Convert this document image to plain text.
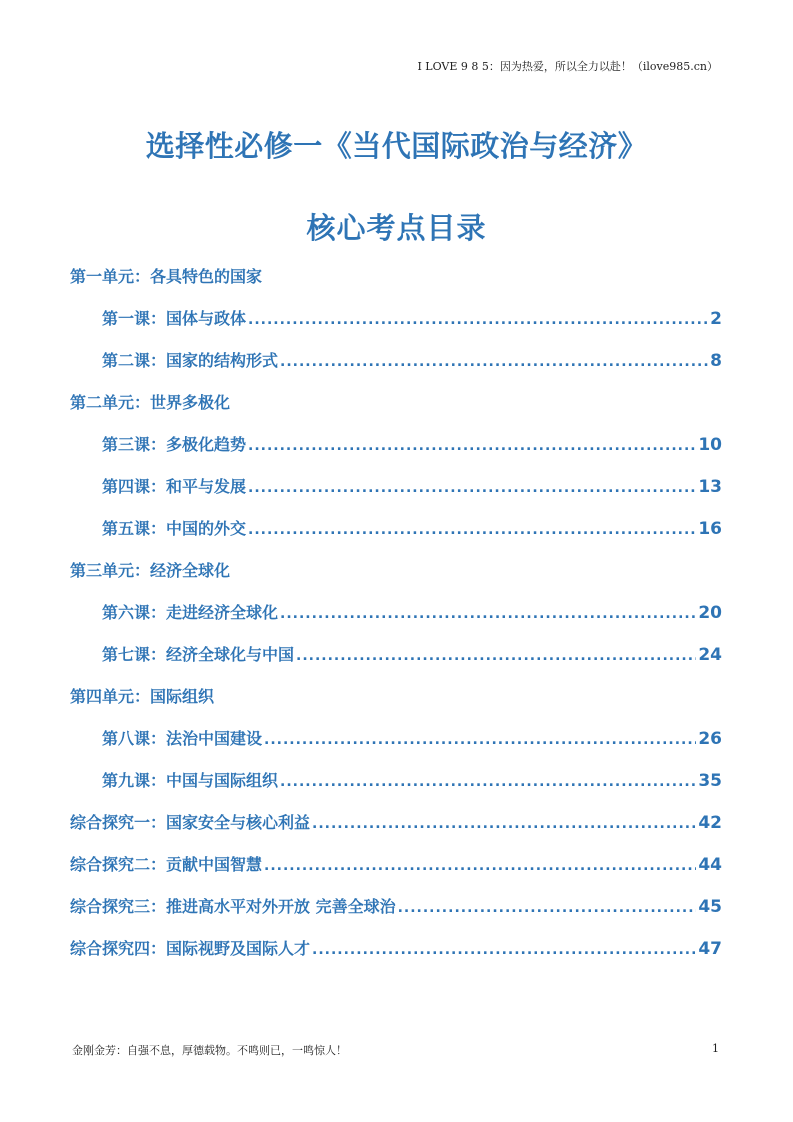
I LOVE 9 8 5：因为热爱，所以全力以赴！（ilove985.cn）
选择性必修一《当代国际政治与经济》
核心考点目录
第一单元：各具特色的国家
第一课：国体与政体 .....	2
第二课：国家的结构形式 .....	8
第二单元：世界多极化
第三课：多极化趋势 .....	10
第四课：和平与发展 .....	13
第五课：中国的外交 .....	16
第三单元：经济全球化
第六课：走进经济全球化 .....	20
第七课：经济全球化与中国 .....	24
第四单元：国际组织
第八课：法治中国建设 .....	26
第九课：中国与国际组织 .....	35
综合探究一：国家安全与核心利益 .....	42
综合探究二：贡献中国智慧 .....	44
综合探究三：推进高水平对外开放 完善全球治 .....	45
综合探究四：国际视野及国际人才 .....	47
金刚金芳：自强不息，厚德载物。不鸣则已，一鸣惊人！	1
